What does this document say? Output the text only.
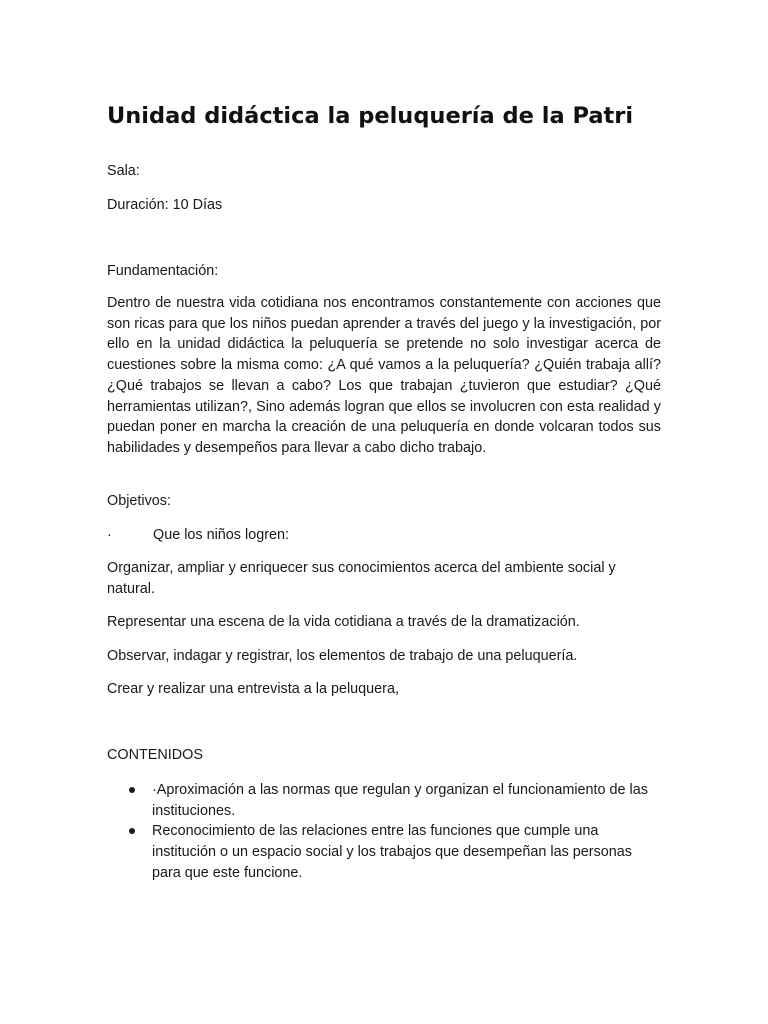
Unidad didáctica la peluquería de la Patri

Sala:

Duración: 10 Días

Fundamentación:

Dentro de nuestra vida cotidiana nos encontramos constantemente con acciones que son ricas para que los niños puedan aprender a través del juego y la investigación, por ello en la unidad didáctica la peluquería se pretende no solo investigar acerca de cuestiones sobre la misma como: ¿A qué vamos a la peluquería? ¿Quién trabaja allí? ¿Qué trabajos se llevan a cabo? Los que trabajan ¿tuvieron que estudiar? ¿Qué herramientas utilizan?, Sino además logran que ellos se involucren con esta realidad y puedan poner en marcha la creación de una peluquería en donde volcaran todos sus habilidades y desempeños para llevar a cabo dicho trabajo.

Objetivos:

·	Que los niños logren:

Organizar, ampliar y enriquecer sus conocimientos acerca del ambiente social y natural.

Representar una escena de la vida cotidiana a través de la dramatización.

Observar, indagar y registrar, los elementos de trabajo de una peluquería.

Crear y realizar una entrevista a la peluquera,

CONTENIDOS

·Aproximación a las normas que regulan y organizan el funcionamiento de las instituciones.
Reconocimiento de las relaciones entre las funciones que cumple una institución o un espacio social y los trabajos que desempeñan las personas para que este funcione.
